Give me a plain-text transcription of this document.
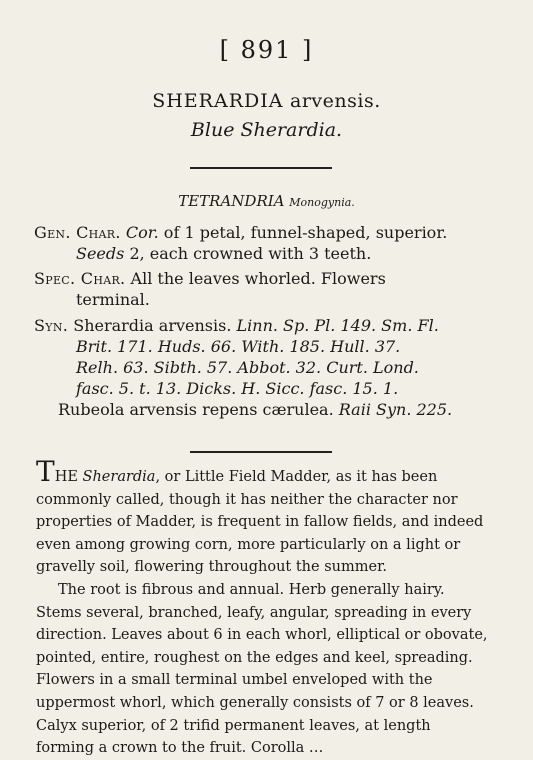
[ 891 ]
SHERARDIA arvensis.
Blue Sherardia.
TETRANDRIA Monogynia.
Gen. Char. Cor. of 1 petal, funnel-shaped, superior.
Seeds 2, each crowned with 3 teeth.
Spec. Char. All the leaves whorled. Flowers
terminal.
Syn. Sherardia arvensis. Linn. Sp. Pl. 149. Sm. Fl.
Brit. 171. Huds. 66. With. 185. Hull. 37.
Relh. 63. Sibth. 57. Abbot. 32. Curt. Lond.
fasc. 5. t. 13. Dicks. H. Sicc. fasc. 15. 1.
Rubeola arvensis repens cærulea. Raii Syn. 225.

THE Sherardia, or Little Field Madder, as it has been commonly called, though it has neither the character nor properties of Madder, is frequent in fallow fields, and indeed even among growing corn, more particularly on a light or gravelly soil, flowering throughout the summer.

The root is fibrous and annual. Herb generally hairy. Stems several, branched, leafy, angular, spreading in every direction. Leaves about 6 in each whorl, elliptical or obovate, pointed, entire, roughest on the edges and keel, spreading. Flowers in a small terminal umbel enveloped with the uppermost whorl, which generally consists of 7 or 8 leaves. Calyx superior, of 2 trifid permanent leaves, at length forming a crown to the fruit. Corolla …
